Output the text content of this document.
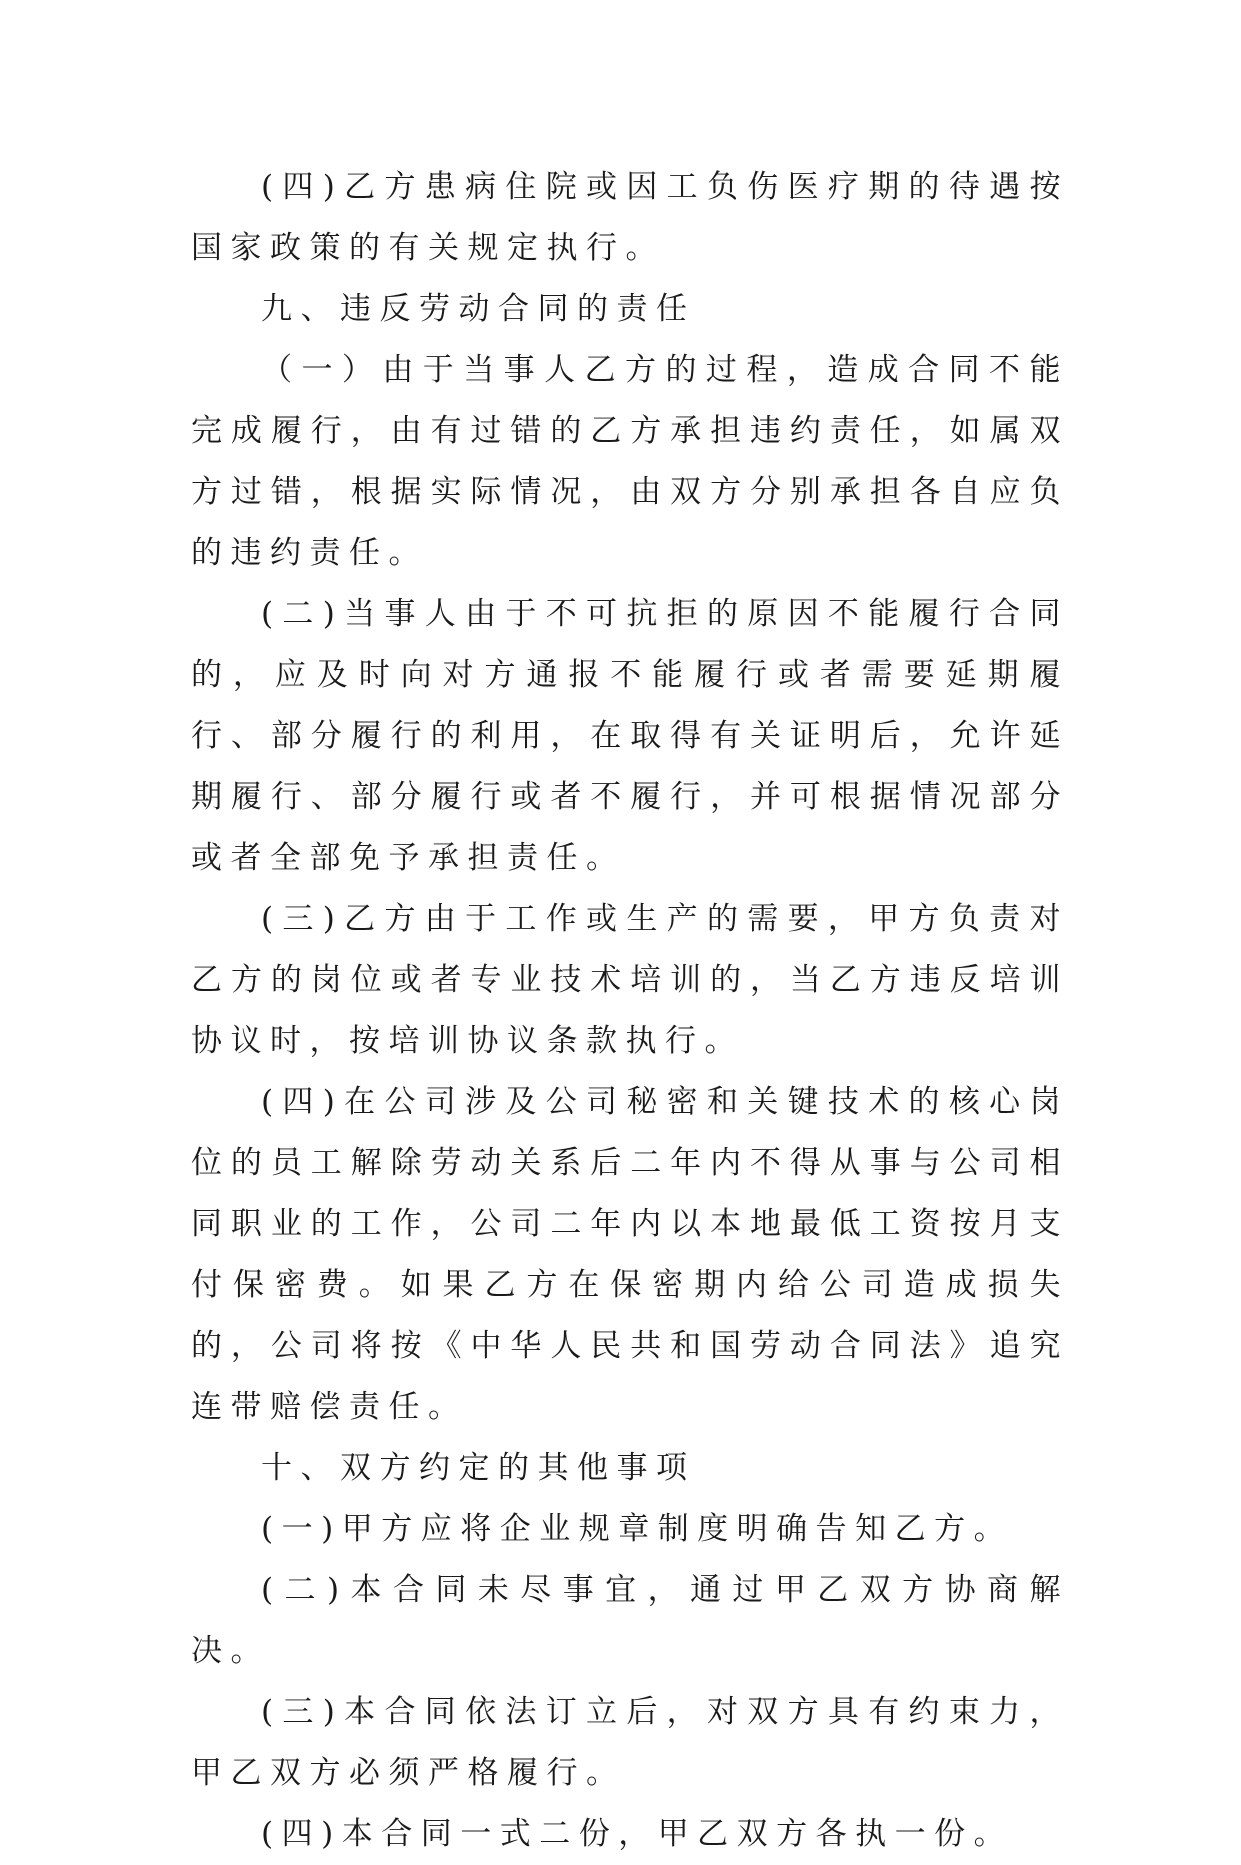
(四)乙方患病住院或因工负伤医疗期的待遇按国家政策的有关规定执行。

九、违反劳动合同的责任

（一）由于当事人乙方的过程，造成合同不能完成履行，由有过错的乙方承担违约责任，如属双方过错，根据实际情况，由双方分别承担各自应负的违约责任。

(二)当事人由于不可抗拒的原因不能履行合同的，应及时向对方通报不能履行或者需要延期履行、部分履行的利用，在取得有关证明后，允许延期履行、部分履行或者不履行，并可根据情况部分或者全部免予承担责任。

(三)乙方由于工作或生产的需要，甲方负责对乙方的岗位或者专业技术培训的，当乙方违反培训协议时，按培训协议条款执行。

(四)在公司涉及公司秘密和关键技术的核心岗位的员工解除劳动关系后二年内不得从事与公司相同职业的工作，公司二年内以本地最低工资按月支付保密费。如果乙方在保密期内给公司造成损失的，公司将按《中华人民共和国劳动合同法》追究连带赔偿责任。

十、双方约定的其他事项

(一)甲方应将企业规章制度明确告知乙方。

(二)本合同未尽事宜，通过甲乙双方协商解决。

(三)本合同依法订立后，对双方具有约束力，甲乙双方必须严格履行。

(四)本合同一式二份，甲乙双方各执一份。
